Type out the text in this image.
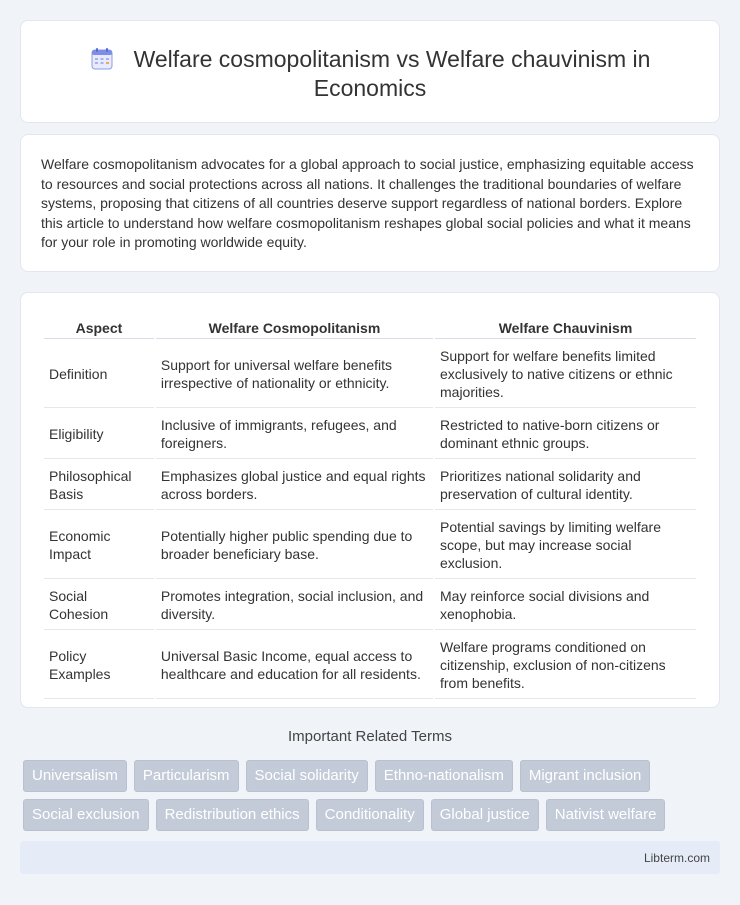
Welfare cosmopolitanism vs Welfare chauvinism in Economics

Welfare cosmopolitanism advocates for a global approach to social justice, emphasizing equitable access to resources and social protections across all nations. It challenges the traditional boundaries of welfare systems, proposing that citizens of all countries deserve support regardless of national borders. Explore this article to understand how welfare cosmopolitanism reshapes global social policies and what it means for your role in promoting worldwide equity.

Aspect	Welfare Cosmopolitanism	Welfare Chauvinism
Definition	Support for universal welfare benefits irrespective of nationality or ethnicity.	Support for welfare benefits limited exclusively to native citizens or ethnic majorities.
Eligibility	Inclusive of immigrants, refugees, and foreigners.	Restricted to native-born citizens or dominant ethnic groups.
Philosophical Basis	Emphasizes global justice and equal rights across borders.	Prioritizes national solidarity and preservation of cultural identity.
Economic Impact	Potentially higher public spending due to broader beneficiary base.	Potential savings by limiting welfare scope, but may increase social exclusion.
Social Cohesion	Promotes integration, social inclusion, and diversity.	May reinforce social divisions and xenophobia.
Policy Examples	Universal Basic Income, equal access to healthcare and education for all residents.	Welfare programs conditioned on citizenship, exclusion of non-citizens from benefits.
Important Related Terms
Universalism	Particularism	Social solidarity	Ethno-nationalism	Migrant inclusion
Social exclusion	Redistribution ethics	Conditionality	Global justice	Nativist welfare
Libterm.com
